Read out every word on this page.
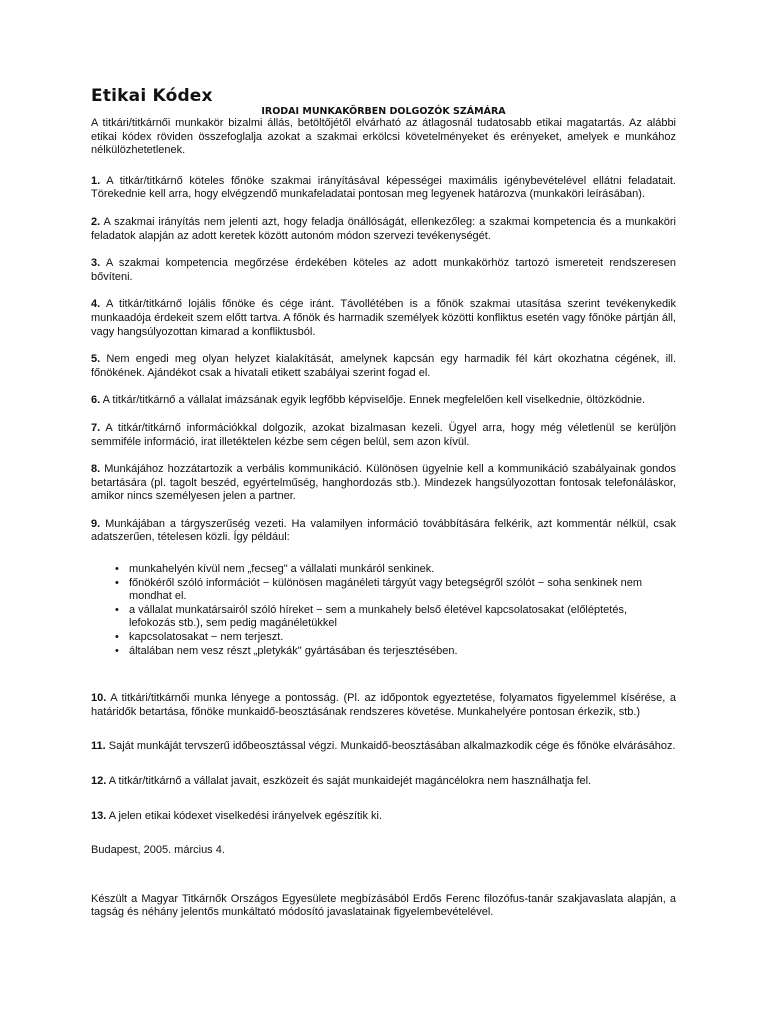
Etikai Kódex
IRODAI MUNKAKÖRBEN DOLGOZÓK SZÁMÁRA

A titkári/titkárnői munkakör bizalmi állás, betöltőjétől elvárható az átlagosnál tudatosabb etikai magatartás. Az alábbi etikai kódex röviden összefoglalja azokat a szakmai erkölcsi követelményeket és erényeket, amelyek e munkához nélkülözhetetlenek.

1. A titkár/titkárnő köteles főnöke szakmai irányításával képességei maximális igénybevételével ellátni feladatait. Törekednie kell arra, hogy elvégzendő munkafeladatai pontosan meg legyenek határozva (munkaköri leírásában).

2. A szakmai irányítás nem jelenti azt, hogy feladja önállóságát, ellenkezőleg: a szakmai kompetencia és a munkaköri feladatok alapján az adott keretek között autonóm módon szervezi tevékenységét.

3. A szakmai kompetencia megőrzése érdekében köteles az adott munkakörhöz tartozó ismereteit rendszeresen bővíteni.

4. A titkár/titkárnő lojális főnöke és cége iránt. Távollétében is a főnök szakmai utasítása szerint tevékenykedik munkaadója érdekeit szem előtt tartva. A főnök és harmadik személyek közötti konfliktus esetén vagy főnöke pártján áll, vagy hangsúlyozottan kimarad a konfliktusból.

5. Nem engedi meg olyan helyzet kialakítását, amelynek kapcsán egy harmadik fél kárt okozhatna cégének, ill. főnökének. Ajándékot csak a hivatali etikett szabályai szerint fogad el.

6. A titkár/titkárnő a vállalat imázsának egyik legfőbb képviselője. Ennek megfelelően kell viselkednie, öltözködnie.

7. A titkár/titkárnő információkkal dolgozik, azokat bizalmasan kezeli. Ügyel arra, hogy még véletlenül se kerüljön semmiféle információ, irat illetéktelen kézbe sem cégen belül, sem azon kívül.

8. Munkájához hozzátartozik a verbális kommunikáció. Különösen ügyelnie kell a kommunikáció szabályainak gondos betartására (pl. tagolt beszéd, egyértelműség, hanghordozás stb.). Mindezek hangsúlyozottan fontosak telefonáláskor, amikor nincs személyesen jelen a partner.

9. Munkájában a tárgyszerűség vezeti. Ha valamilyen információ továbbítására felkérik, azt kommentár nélkül, csak adatszerűen, tételesen közli. Így például:

• munkahelyén kívül nem „fecseg" a vállalati munkáról senkinek.
• főnökéről szóló információt − különösen magánéleti tárgyút vagy betegségről szólót − soha senkinek nem mondhat el.
• a vállalat munkatársairól szóló híreket − sem a munkahely belső életével kapcsolatosakat (előléptetés, lefokozás stb.), sem pedig magánéletükkel
• kapcsolatosakat − nem terjeszt.
• általában nem vesz részt „pletykák" gyártásában és terjesztésében.

10. A titkári/titkárnői munka lényege a pontosság. (Pl. az időpontok egyeztetése, folyamatos figyelemmel kísérése, a határidők betartása, főnöke munkaidő-beosztásának rendszeres követése. Munkahelyére pontosan érkezik, stb.)

11. Saját munkáját tervszerű időbeosztással végzi. Munkaidő-beosztásában alkalmazkodik cége és főnöke elvárásához.

12. A titkár/titkárnő a vállalat javait, eszközeit és saját munkaidejét magáncélokra nem használhatja fel.

13. A jelen etikai kódexet viselkedési irányelvek egészítik ki.

Budapest, 2005. március 4.

Készült a Magyar Titkárnők Országos Egyesülete megbízásából Erdős Ferenc filozófus-tanár szakjavaslata alapján, a tagság és néhány jelentős munkáltató módosító javaslatainak figyelembevételével.
